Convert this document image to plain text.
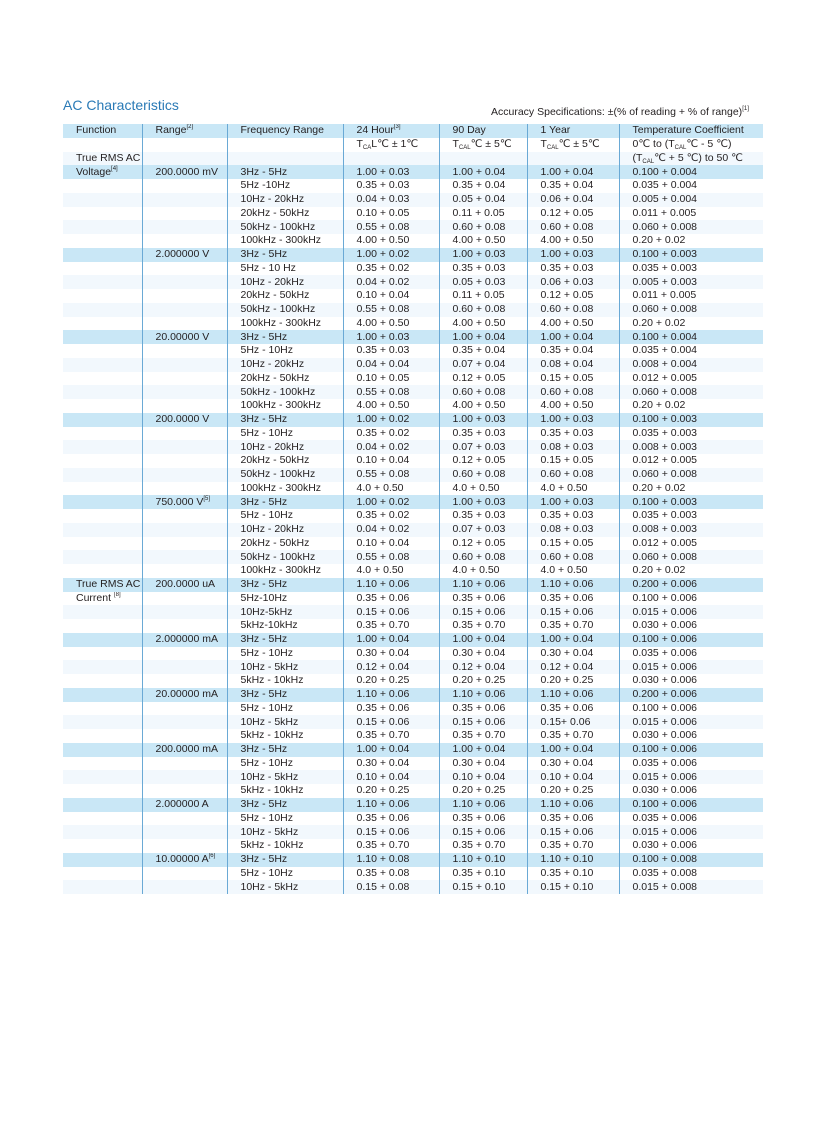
AC Characteristics	Accuracy Specifications: ±(% of reading + % of range)[1]
Function	Range[2]	Frequency Range	24 Hour[3]	90 Day	1 Year	Temperature Coefficient
			$T_{CA}L℃$ ± 1℃	$T_{CAL}℃$ ± 5℃	$T_{CAL}℃$ ± 5℃	0℃ to ($T_{CAL}℃ - 5$ ℃)
True RMS AC						($T_{CAL}℃ + 5$ ℃) to 50 ℃
Voltage[4]	200.0000 mV	3Hz - 5Hz	1.00 + 0.03	1.00 + 0.04	1.00 + 0.04	0.100 + 0.004
		5Hz -10Hz	0.35 + 0.03	0.35 + 0.04	0.35 + 0.04	0.035 + 0.004
		10Hz - 20kHz	0.04 + 0.03	0.05 + 0.04	0.06 + 0.04	0.005 + 0.004
		20kHz - 50kHz	0.10 + 0.05	0.11 + 0.05	0.12 + 0.05	0.011 + 0.005
		50kHz - 100kHz	0.55 + 0.08	0.60 + 0.08	0.60 + 0.08	0.060 + 0.008
		100kHz - 300kHz	4.00 + 0.50	4.00 + 0.50	4.00 + 0.50	0.20 + 0.02
	2.000000 V	3Hz - 5Hz	1.00 + 0.02	1.00 + 0.03	1.00 + 0.03	0.100 + 0.003
		5Hz - 10 Hz	0.35 + 0.02	0.35 + 0.03	0.35 + 0.03	0.035 + 0.003
		10Hz - 20kHz	0.04 + 0.02	0.05 + 0.03	0.06 + 0.03	0.005 + 0.003
		20kHz - 50kHz	0.10 + 0.04	0.11 + 0.05	0.12 + 0.05	0.011 + 0.005
		50kHz - 100kHz	0.55 + 0.08	0.60 + 0.08	0.60 + 0.08	0.060 + 0.008
		100kHz - 300kHz	4.00 + 0.50	4.00 + 0.50	4.00 + 0.50	0.20 + 0.02
	20.00000 V	3Hz - 5Hz	1.00 + 0.03	1.00 + 0.04	1.00 + 0.04	0.100 + 0.004
		5Hz - 10Hz	0.35 + 0.03	0.35 + 0.04	0.35 + 0.04	0.035 + 0.004
		10Hz - 20kHz	0.04 + 0.04	0.07 + 0.04	0.08 + 0.04	0.008 + 0.004
		20kHz - 50kHz	0.10 + 0.05	0.12 + 0.05	0.15 + 0.05	0.012 + 0.005
		50kHz - 100kHz	0.55 + 0.08	0.60 + 0.08	0.60 + 0.08	0.060 + 0.008
		100kHz - 300kHz	4.00 + 0.50	4.00 + 0.50	4.00 + 0.50	0.20 + 0.02
	200.0000 V	3Hz - 5Hz	1.00 + 0.02	1.00 + 0.03	1.00 + 0.03	0.100 + 0.003
		5Hz - 10Hz	0.35 + 0.02	0.35 + 0.03	0.35 + 0.03	0.035 + 0.003
		10Hz - 20kHz	0.04 + 0.02	0.07 + 0.03	0.08 + 0.03	0.008 + 0.003
		20kHz - 50kHz	0.10 + 0.04	0.12 + 0.05	0.15 + 0.05	0.012 + 0.005
		50kHz - 100kHz	0.55 + 0.08	0.60 + 0.08	0.60 + 0.08	0.060 + 0.008
		100kHz - 300kHz	4.0 + 0.50	4.0 + 0.50	4.0 + 0.50	0.20 + 0.02
	750.000 V[5]	3Hz - 5Hz	1.00 + 0.02	1.00 + 0.03	1.00 + 0.03	0.100 + 0.003
		5Hz - 10Hz	0.35 + 0.02	0.35 + 0.03	0.35 + 0.03	0.035 + 0.003
		10Hz - 20kHz	0.04 + 0.02	0.07 + 0.03	0.08 + 0.03	0.008 + 0.003
		20kHz - 50kHz	0.10 + 0.04	0.12 + 0.05	0.15 + 0.05	0.012 + 0.005
		50kHz - 100kHz	0.55 + 0.08	0.60 + 0.08	0.60 + 0.08	0.060 + 0.008
		100kHz - 300kHz	4.0 + 0.50	4.0 + 0.50	4.0 + 0.50	0.20 + 0.02
True RMS AC	200.0000 uA	3Hz - 5Hz	1.10 + 0.06	1.10 + 0.06	1.10 + 0.06	0.200 + 0.006
Current [8]		5Hz-10Hz	0.35 + 0.06	0.35 + 0.06	0.35 + 0.06	0.100 + 0.006
		10Hz-5kHz	0.15 + 0.06	0.15 + 0.06	0.15 + 0.06	0.015 + 0.006
		5kHz-10kHz	0.35 + 0.70	0.35 + 0.70	0.35 + 0.70	0.030 + 0.006
	2.000000 mA	3Hz - 5Hz	1.00 + 0.04	1.00 + 0.04	1.00 + 0.04	0.100 + 0.006
		5Hz - 10Hz	0.30 + 0.04	0.30 + 0.04	0.30 + 0.04	0.035 + 0.006
		10Hz - 5kHz	0.12 + 0.04	0.12 + 0.04	0.12 + 0.04	0.015 + 0.006
		5kHz - 10kHz	0.20 + 0.25	0.20 + 0.25	0.20 + 0.25	0.030 + 0.006
	20.00000 mA	3Hz - 5Hz	1.10 + 0.06	1.10 + 0.06	1.10 + 0.06	0.200 + 0.006
		5Hz - 10Hz	0.35 + 0.06	0.35 + 0.06	0.35 + 0.06	0.100 + 0.006
		10Hz - 5kHz	0.15 + 0.06	0.15 + 0.06	0.15+ 0.06	0.015 + 0.006
		5kHz - 10kHz	0.35 + 0.70	0.35 + 0.70	0.35 + 0.70	0.030 + 0.006
	200.0000 mA	3Hz - 5Hz	1.00 + 0.04	1.00 + 0.04	1.00 + 0.04	0.100 + 0.006
		5Hz - 10Hz	0.30 + 0.04	0.30 + 0.04	0.30 + 0.04	0.035 + 0.006
		10Hz - 5kHz	0.10 + 0.04	0.10 + 0.04	0.10 + 0.04	0.015 + 0.006
		5kHz - 10kHz	0.20 + 0.25	0.20 + 0.25	0.20 + 0.25	0.030 + 0.006
	2.000000 A	3Hz - 5Hz	1.10 + 0.06	1.10 + 0.06	1.10 + 0.06	0.100 + 0.006
		5Hz - 10Hz	0.35 + 0.06	0.35 + 0.06	0.35 + 0.06	0.035 + 0.006
		10Hz - 5kHz	0.15 + 0.06	0.15 + 0.06	0.15 + 0.06	0.015 + 0.006
		5kHz - 10kHz	0.35 + 0.70	0.35 + 0.70	0.35 + 0.70	0.030 + 0.006
	10.00000 A[6]	3Hz - 5Hz	1.10 + 0.08	1.10 + 0.10	1.10 + 0.10	0.100 + 0.008
		5Hz - 10Hz	0.35 + 0.08	0.35 + 0.10	0.35 + 0.10	0.035 + 0.008
		10Hz - 5kHz	0.15 + 0.08	0.15 + 0.10	0.15 + 0.10	0.015 + 0.008
